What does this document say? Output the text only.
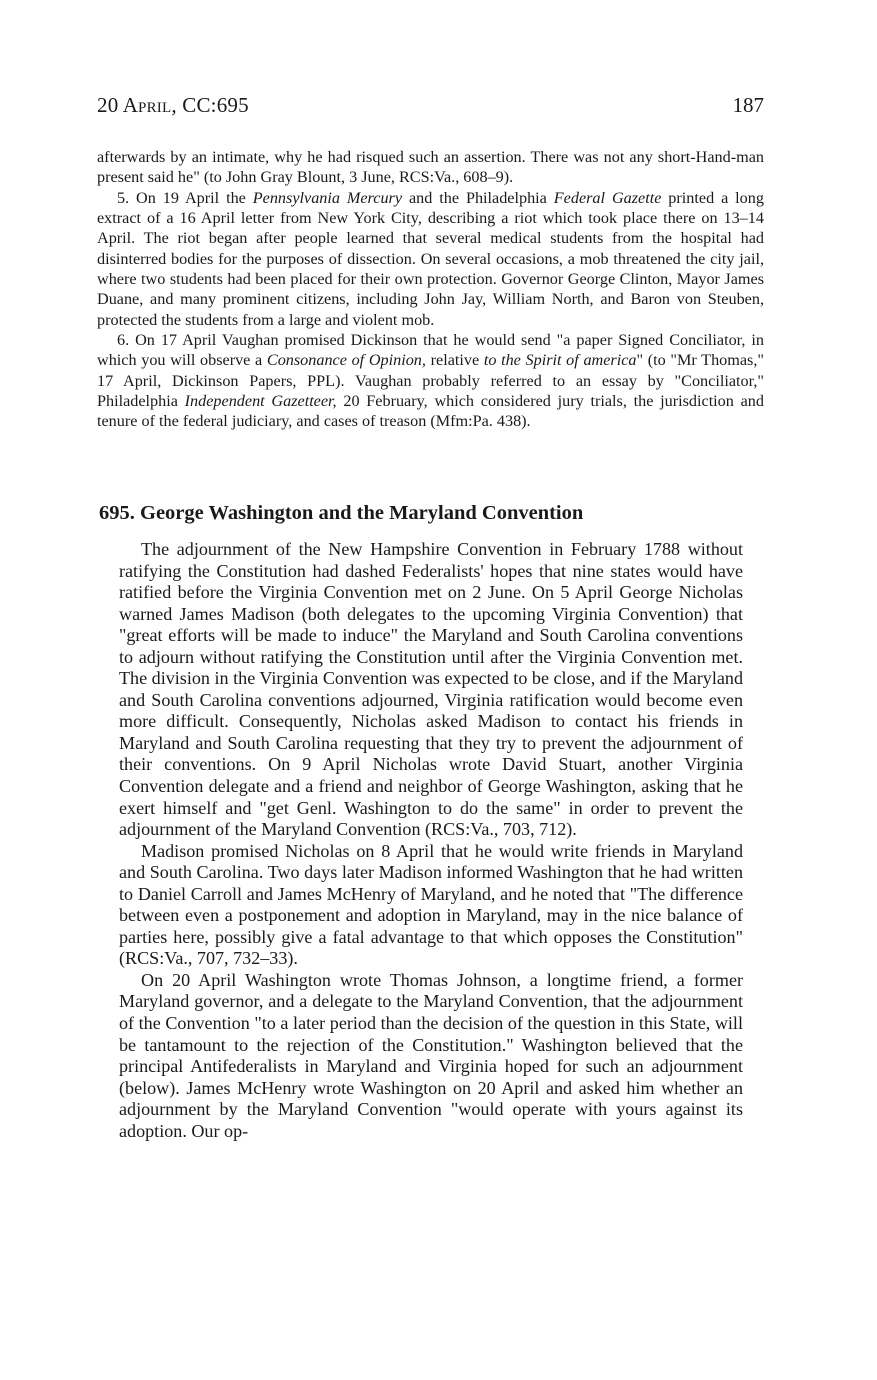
20 April, CC:695	187

afterwards by an intimate, why he had risqued such an assertion. There was not any short-Hand-man present said he" (to John Gray Blount, 3 June, RCS:Va., 608–9).

5. On 19 April the Pennsylvania Mercury and the Philadelphia Federal Gazette printed a long extract of a 16 April letter from New York City, describing a riot which took place there on 13–14 April. The riot began after people learned that several medical students from the hospital had disinterred bodies for the purposes of dissection. On several occasions, a mob threatened the city jail, where two students had been placed for their own protection. Governor George Clinton, Mayor James Duane, and many prominent citizens, including John Jay, William North, and Baron von Steuben, protected the students from a large and violent mob.

6. On 17 April Vaughan promised Dickinson that he would send "a paper Signed Conciliator, in which you will observe a Consonance of Opinion, relative to the Spirit of america" (to "Mr Thomas," 17 April, Dickinson Papers, PPL). Vaughan probably referred to an essay by "Conciliator," Philadelphia Independent Gazetteer, 20 February, which considered jury trials, the jurisdiction and tenure of the federal judiciary, and cases of treason (Mfm:Pa. 438).

695. George Washington and the Maryland Convention

The adjournment of the New Hampshire Convention in February 1788 without ratifying the Constitution had dashed Federalists' hopes that nine states would have ratified before the Virginia Convention met on 2 June. On 5 April George Nicholas warned James Madison (both delegates to the upcoming Virginia Convention) that "great efforts will be made to induce" the Maryland and South Carolina conventions to adjourn without ratifying the Constitution until after the Virginia Convention met. The division in the Virginia Convention was expected to be close, and if the Maryland and South Carolina conventions adjourned, Virginia ratification would become even more difficult. Consequently, Nicholas asked Madison to contact his friends in Maryland and South Carolina requesting that they try to prevent the adjournment of their conventions. On 9 April Nicholas wrote David Stuart, another Virginia Convention delegate and a friend and neighbor of George Washington, asking that he exert himself and "get Genl. Washington to do the same" in order to prevent the adjournment of the Maryland Convention (RCS:Va., 703, 712).

Madison promised Nicholas on 8 April that he would write friends in Maryland and South Carolina. Two days later Madison informed Washington that he had written to Daniel Carroll and James McHenry of Maryland, and he noted that "The difference between even a postponement and adoption in Maryland, may in the nice balance of parties here, possibly give a fatal advantage to that which opposes the Constitution" (RCS:Va., 707, 732–33).

On 20 April Washington wrote Thomas Johnson, a longtime friend, a former Maryland governor, and a delegate to the Maryland Convention, that the adjournment of the Convention "to a later period than the decision of the question in this State, will be tantamount to the rejection of the Constitution." Washington believed that the principal Antifederalists in Maryland and Virginia hoped for such an adjournment (below). James McHenry wrote Washington on 20 April and asked him whether an adjournment by the Maryland Convention "would operate with yours against its adoption. Our op-
